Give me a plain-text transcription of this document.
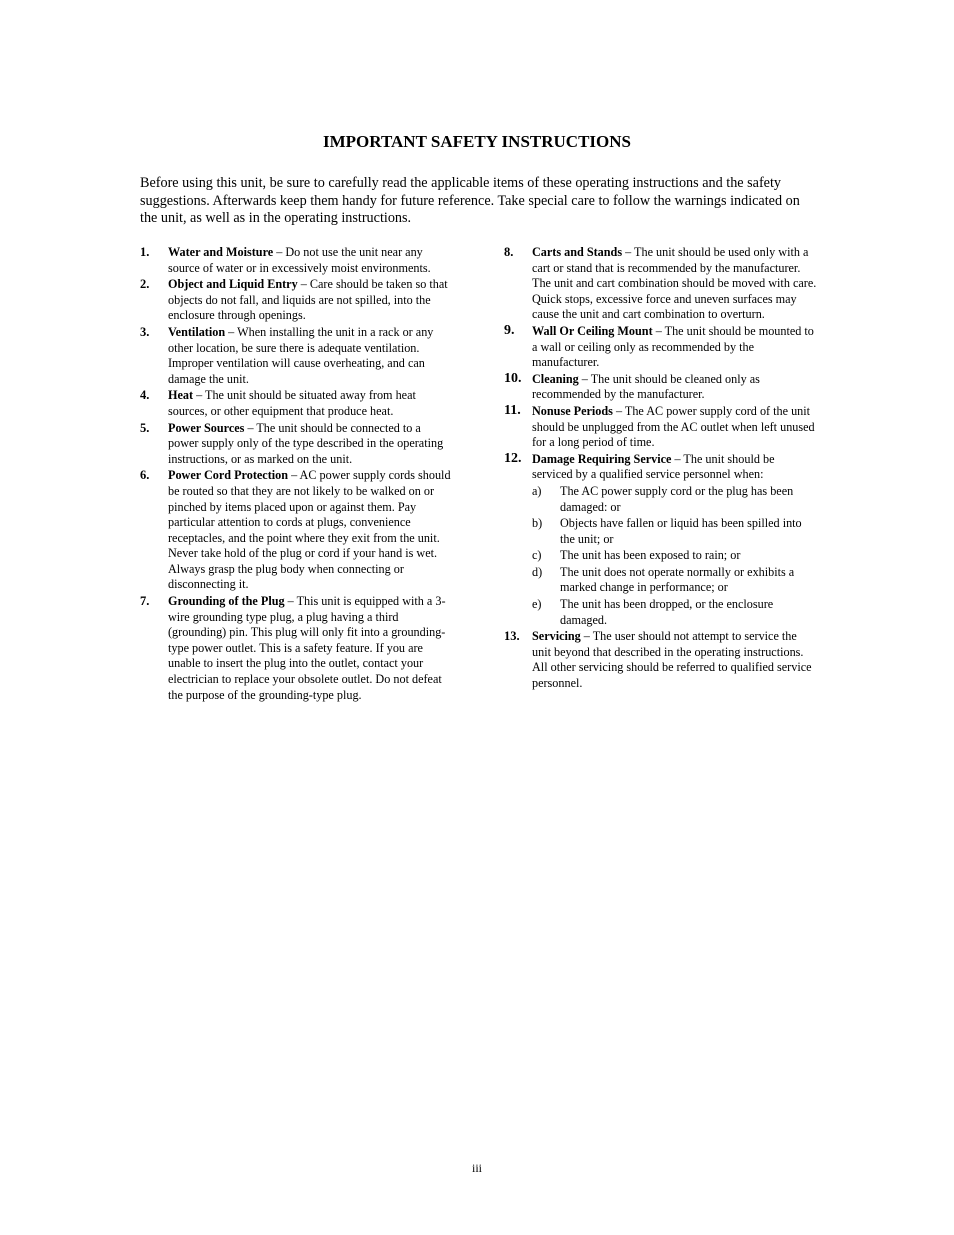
IMPORTANT SAFETY INSTRUCTIONS

Before using this unit, be sure to carefully read the applicable items of these operating instructions and the safety suggestions. Afterwards keep them handy for future reference. Take special care to follow the warnings indicated on the unit, as well as in the operating instructions.

1. Water and Moisture – Do not use the unit near any source of water or in excessively moist environments.
2. Object and Liquid Entry – Care should be taken so that objects do not fall, and liquids are not spilled, into the enclosure through openings.
3. Ventilation – When installing the unit in a rack or any other location, be sure there is adequate ventilation. Improper ventilation will cause overheating, and can damage the unit.
4. Heat – The unit should be situated away from heat sources, or other equipment that produce heat.
5. Power Sources – The unit should be connected to a power supply only of the type described in the operating instructions, or as marked on the unit.
6. Power Cord Protection – AC power supply cords should be routed so that they are not likely to be walked on or pinched by items placed upon or against them. Pay particular attention to cords at plugs, convenience receptacles, and the point where they exit from the unit. Never take hold of the plug or cord if your hand is wet. Always grasp the plug body when connecting or disconnecting it.
7. Grounding of the Plug – This unit is equipped with a 3-wire grounding type plug, a plug having a third (grounding) pin. This plug will only fit into a grounding-type power outlet. This is a safety feature. If you are unable to insert the plug into the outlet, contact your electrician to replace your obsolete outlet. Do not defeat the purpose of the grounding-type plug.
8. Carts and Stands – The unit should be used only with a cart or stand that is recommended by the manufacturer. The unit and cart combination should be moved with care. Quick stops, excessive force and uneven surfaces may cause the unit and cart combination to overturn.
9. Wall Or Ceiling Mount – The unit should be mounted to a wall or ceiling only as recommended by the manufacturer.
10. Cleaning – The unit should be cleaned only as recommended by the manufacturer.
11. Nonuse Periods – The AC power supply cord of the unit should be unplugged from the AC outlet when left unused for a long period of time.
12. Damage Requiring Service – The unit should be serviced by a qualified service personnel when:
a) The AC power supply cord or the plug has been damaged: or
b) Objects have fallen or liquid has been spilled into the unit; or
c) The unit has been exposed to rain; or
d) The unit does not operate normally or exhibits a marked change in performance; or
e) The unit has been dropped, or the enclosure damaged.
13. Servicing – The user should not attempt to service the unit beyond that described in the operating instructions. All other servicing should be referred to qualified service personnel.
iii
